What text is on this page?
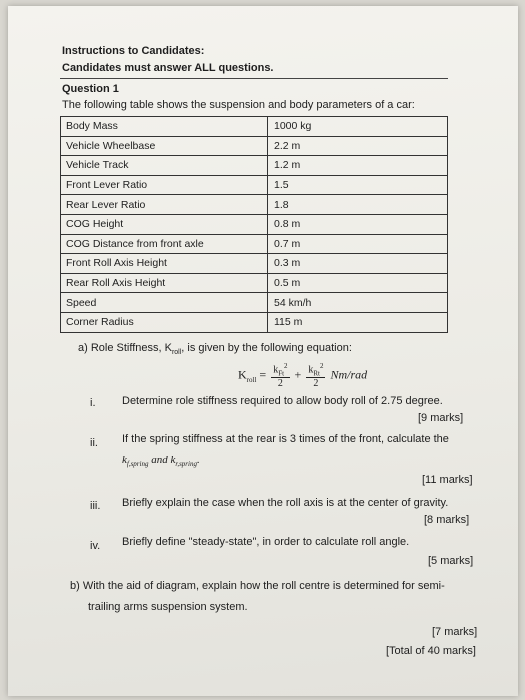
Instructions to Candidates:
Candidates must answer ALL questions.
Question 1
The following table shows the suspension and body parameters of a car:
Body Mass	1000 kg
Vehicle Wheelbase	2.2 m
Vehicle Track	1.2 m
Front Lever Ratio	1.5
Rear Lever Ratio	1.8
COG Height	0.8 m
COG Distance from front axle	0.7 m
Front Roll Axis Height	0.3 m
Rear Roll Axis Height	0.5 m
Speed	54 km/h
Corner Radius	115 m
a) Role Stiffness, $K_{roll}$, is given by the following equation:
$K_{roll} = \frac{k_{Ft}^2}{2} + \frac{k_{Rt}^2}{2} Nm/rad$
i. Determine role stiffness required to allow body roll of 2.75 degree.
[9 marks]
ii. If the spring stiffness at the rear is 3 times of the front, calculate the
$k_{f,spring}$ and $k_{r,spring}$.
[11 marks]
iii. Briefly explain the case when the roll axis is at the center of gravity.
[8 marks]
iv. Briefly define "steady-state", in order to calculate roll angle.
[5 marks]
b) With the aid of diagram, explain how the roll centre is determined for semi-
trailing arms suspension system.
[7 marks]
[Total of 40 marks]
